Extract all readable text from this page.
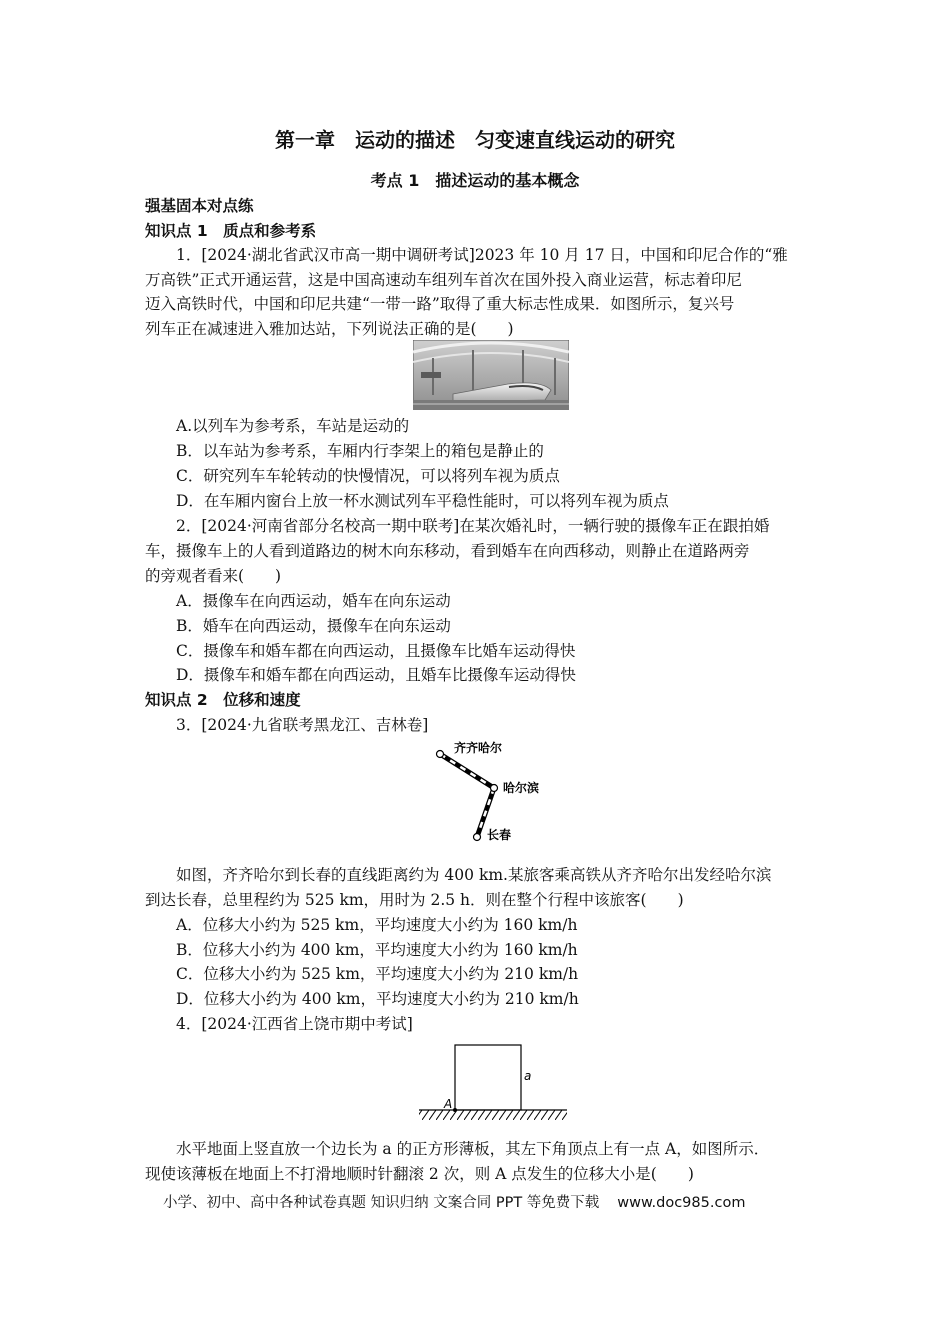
第一章　运动的描述　匀变速直线运动的研究
考点 1　描述运动的基本概念
强基固本对点练
知识点 1　质点和参考系
1．[2024·湖北省武汉市高一期中调研考试]2023 年 10 月 17 日，中国和印尼合作的“雅
万高铁”正式开通运营，这是中国高速动车组列车首次在国外投入商业运营，标志着印尼
迈入高铁时代，中国和印尼共建“一带一路”取得了重大标志性成果．如图所示，复兴号
列车正在减速进入雅加达站，下列说法正确的是(　　)
A.以列车为参考系，车站是运动的
B．以车站为参考系，车厢内行李架上的箱包是静止的
C．研究列车车轮转动的快慢情况，可以将列车视为质点
D．在车厢内窗台上放一杯水测试列车平稳性能时，可以将列车视为质点
2．[2024·河南省部分名校高一期中联考]在某次婚礼时，一辆行驶的摄像车正在跟拍婚
车，摄像车上的人看到道路边的树木向东移动，看到婚车在向西移动，则静止在道路两旁
的旁观者看来(　　)
A．摄像车在向西运动，婚车在向东运动
B．婚车在向西运动，摄像车在向东运动
C．摄像车和婚车都在向西运动，且摄像车比婚车运动得快
D．摄像车和婚车都在向西运动，且婚车比摄像车运动得快
知识点 2　位移和速度
3．[2024·九省联考黑龙江、吉林卷]
齐齐哈尔
哈尔滨
长春
如图，齐齐哈尔到长春的直线距离约为 400 km.某旅客乘高铁从齐齐哈尔出发经哈尔滨
到达长春，总里程约为 525 km，用时为 2.5 h．则在整个行程中该旅客(　　)
A．位移大小约为 525 km，平均速度大小约为 160 km/h
B．位移大小约为 400 km，平均速度大小约为 160 km/h
C．位移大小约为 525 km，平均速度大小约为 210 km/h
D．位移大小约为 400 km，平均速度大小约为 210 km/h
4．[2024·江西省上饶市期中考试]
a
A
水平地面上竖直放一个边长为 a 的正方形薄板，其左下角顶点上有一点 A，如图所示．
现使该薄板在地面上不打滑地顺时针翻滚 2 次，则 A 点发生的位移大小是(　　)
小学、初中、高中各种试卷真题 知识归纳 文案合同 PPT 等免费下载 www.doc985.com
